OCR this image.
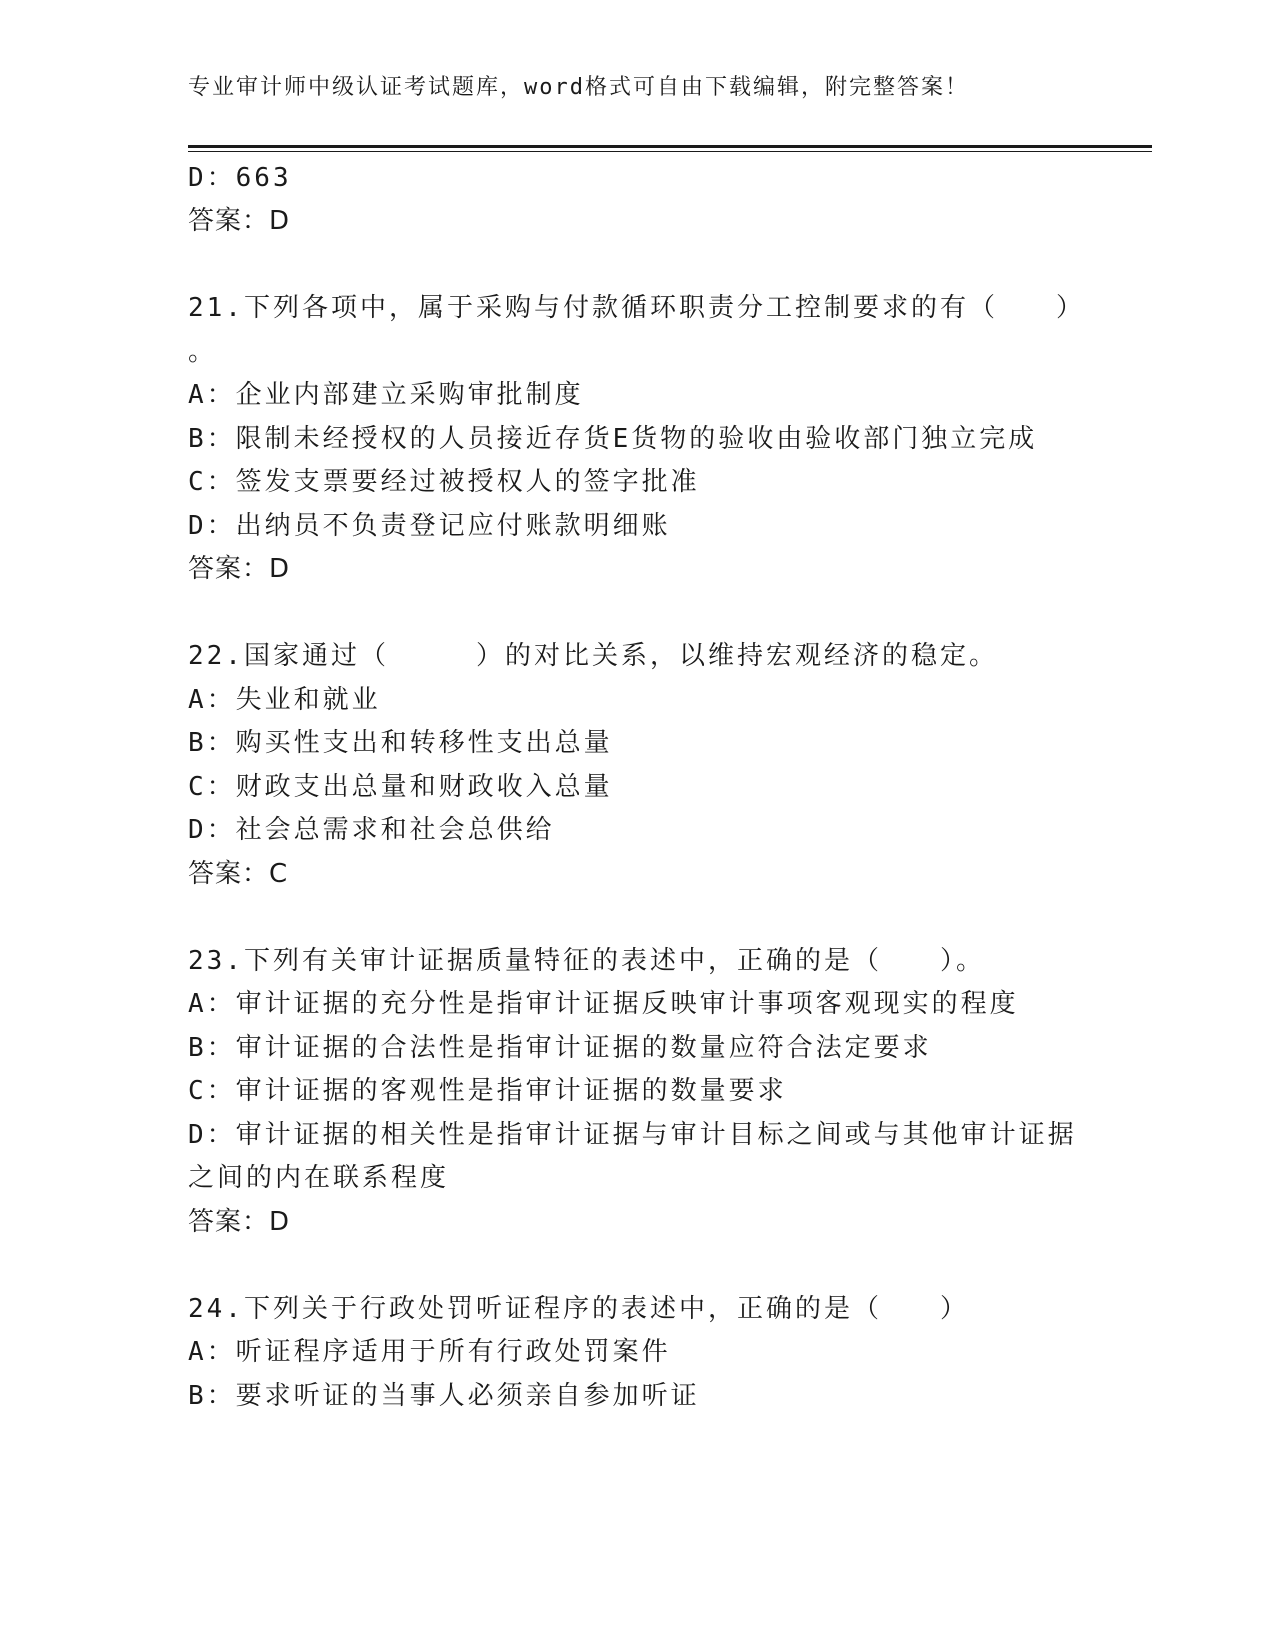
专业审计师中级认证考试题库，word格式可自由下载编辑，附完整答案！
D：663
答案：D
21.下列各项中，属于采购与付款循环职责分工控制要求的有（　　）
。
A：企业内部建立采购审批制度
B：限制未经授权的人员接近存货E货物的验收由验收部门独立完成
C：签发支票要经过被授权人的签字批准
D：出纳员不负责登记应付账款明细账
答案：D
22.国家通过（　　　）的对比关系，以维持宏观经济的稳定。
A：失业和就业
B：购买性支出和转移性支出总量
C：财政支出总量和财政收入总量
D：社会总需求和社会总供给
答案：C
23.下列有关审计证据质量特征的表述中，正确的是（　　）。
A：审计证据的充分性是指审计证据反映审计事项客观现实的程度
B：审计证据的合法性是指审计证据的数量应符合法定要求
C：审计证据的客观性是指审计证据的数量要求
D：审计证据的相关性是指审计证据与审计目标之间或与其他审计证据
之间的内在联系程度
答案：D
24.下列关于行政处罚听证程序的表述中，正确的是（　　）
A：听证程序适用于所有行政处罚案件
B：要求听证的当事人必须亲自参加听证
